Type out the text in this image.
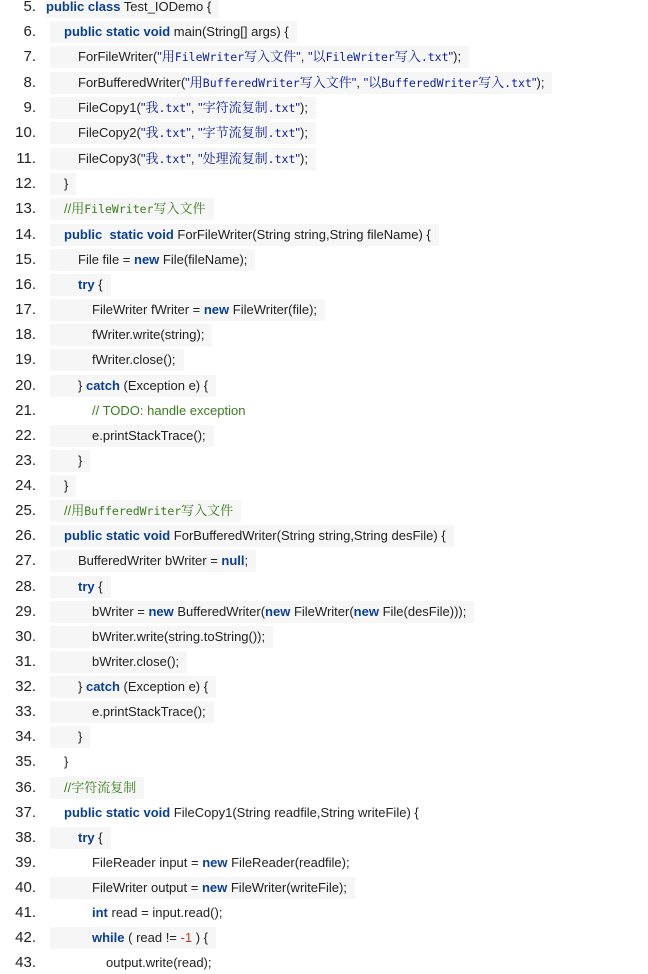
5. public class Test_IODemo {
6.	public static void main(String[] args) {
7.	ForFileWriter("用FileWriter写入文件", "以FileWriter写入.txt");
8.	ForBufferedWriter("用BufferedWriter写入文件", "以BufferedWriter写入.txt");
9.	FileCopy1("我.txt", "字符流复制.txt");
10.	FileCopy2("我.txt", "字节流复制.txt");
11.	FileCopy3("我.txt", "处理流复制.txt");
12.	}
13.	//用FileWriter写入文件
14.	public  static void ForFileWriter(String string,String fileName) {
15.	File file = new File(fileName);
16.	try {
17.	FileWriter fWriter = new FileWriter(file);
18.	fWriter.write(string);
19.	fWriter.close();
20.	} catch (Exception e) {
21.	// TODO: handle exception
22.	e.printStackTrace();
23.	}
24.	}
25.	//用BufferedWriter写入文件
26.	public static void ForBufferedWriter(String string,String desFile) {
27.	BufferedWriter bWriter = null;
28.	try {
29.	bWriter = new BufferedWriter(new FileWriter(new File(desFile)));
30.	bWriter.write(string.toString());
31.	bWriter.close();
32.	} catch (Exception e) {
33.	e.printStackTrace();
34.	}
35.	}
36.	//字符流复制
37.	public static void FileCopy1(String readfile,String writeFile) {
38.	try {
39.	FileReader input = new FileReader(readfile);
40.	FileWriter output = new FileWriter(writeFile);
41.	int read = input.read();
42.	while ( read != -1 ) {
43.	output.write(read);
